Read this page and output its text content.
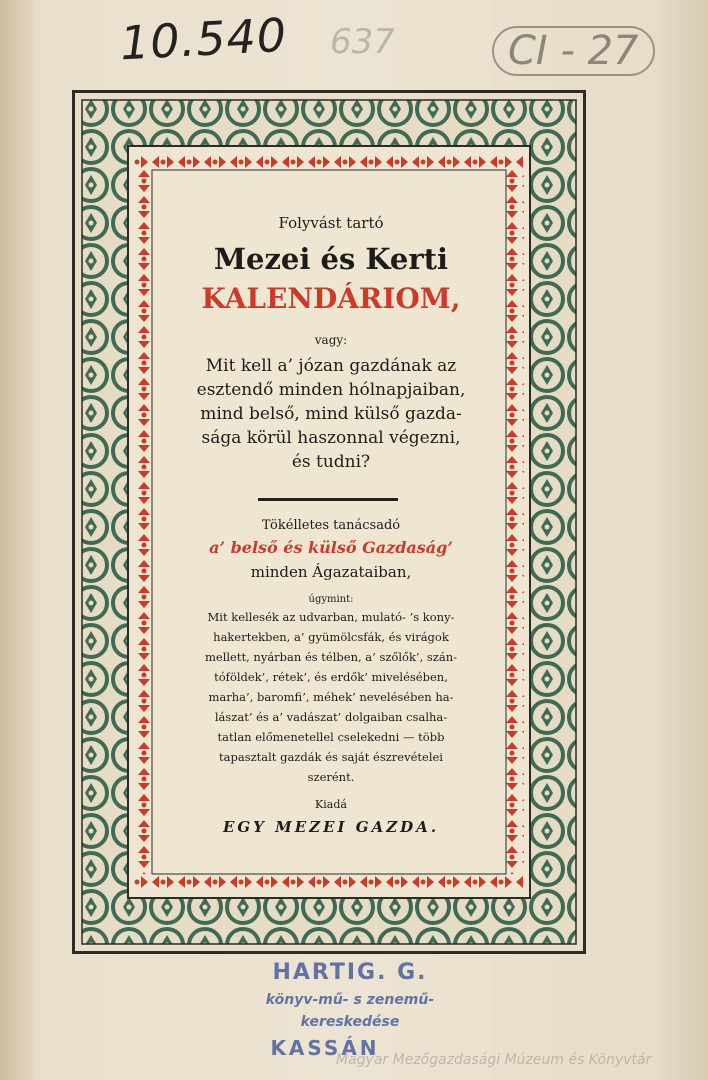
10.540 637	CI - 27
Folyvást tartó
Mezei és Kerti
KALENDÁRIOM,
vagy:
Mit kell a’ józan gazdának az
esztendő minden hólnapjaiban,
mind belső, mind külső gazda-
sága körül haszonnal végezni,
és tudni?
Tökélletes tanácsadó
a’ belső és külső Gazdaság’
minden Ágazataiban,
úgymint:
Mit kellesék az udvarban, mulató- ’s kony-
hakertekben, a’ gyümölcsfák, és virágok
mellett, nyárban és télben, a’ szőlők’, szán-
tóföldek’, rétek’, és erdők’ mivelésében,
marha’, baromfi’, méhek’ nevelésében ha-
lászat’ és a’ vadászat’ dolgaiban csalha-
tatlan előmenetellel cselekedni — több
tapasztalt gazdák és saját észrevételei
szerént.
Kiadá
EGY MEZEI GAZDA.
HARTIG. G.
könyv-mű- s zenemű-
kereskedése
KASSÁN
Magyar Mezőgazdasági Múzeum és Könyvtár
